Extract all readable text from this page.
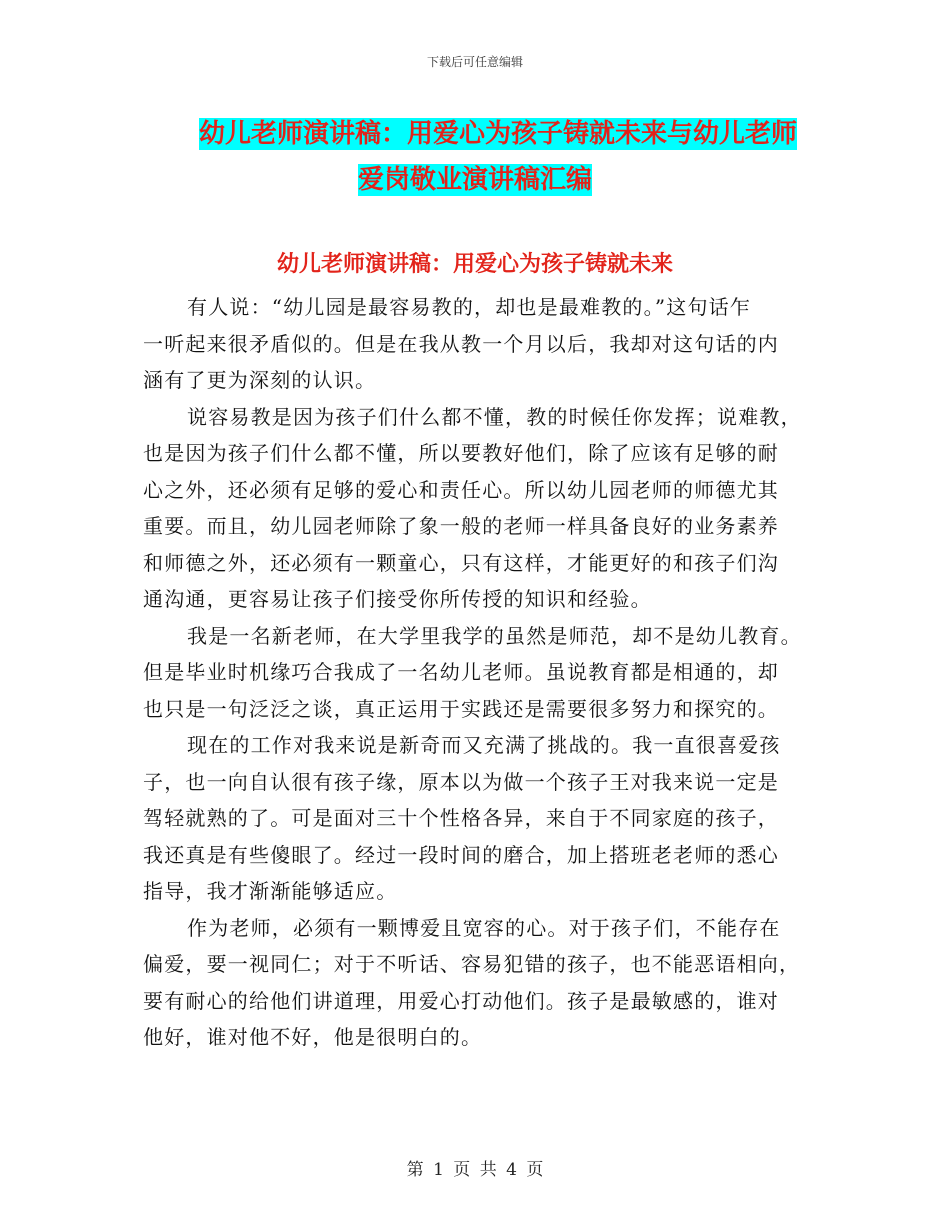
下载后可任意编辑
幼儿老师演讲稿：用爱心为孩子铸就未来与幼儿老师
爱岗敬业演讲稿汇编
幼儿老师演讲稿：用爱心为孩子铸就未来
有人说：“幼儿园是最容易教的，却也是最难教的。”这句话乍
一听起来很矛盾似的。但是在我从教一个月以后，我却对这句话的内
涵有了更为深刻的认识。
说容易教是因为孩子们什么都不懂，教的时候任你发挥；说难教，
也是因为孩子们什么都不懂，所以要教好他们，除了应该有足够的耐
心之外，还必须有足够的爱心和责任心。所以幼儿园老师的师德尤其
重要。而且，幼儿园老师除了象一般的老师一样具备良好的业务素养
和师德之外，还必须有一颗童心，只有这样，才能更好的和孩子们沟
通沟通，更容易让孩子们接受你所传授的知识和经验。
我是一名新老师，在大学里我学的虽然是师范，却不是幼儿教育。
但是毕业时机缘巧合我成了一名幼儿老师。虽说教育都是相通的，却
也只是一句泛泛之谈，真正运用于实践还是需要很多努力和探究的。
现在的工作对我来说是新奇而又充满了挑战的。我一直很喜爱孩
子，也一向自认很有孩子缘，原本以为做一个孩子王对我来说一定是
驾轻就熟的了。可是面对三十个性格各异，来自于不同家庭的孩子，
我还真是有些傻眼了。经过一段时间的磨合，加上搭班老老师的悉心
指导，我才渐渐能够适应。
作为老师，必须有一颗博爱且宽容的心。对于孩子们，不能存在
偏爱，要一视同仁；对于不听话、容易犯错的孩子，也不能恶语相向，
要有耐心的给他们讲道理，用爱心打动他们。孩子是最敏感的，谁对
他好，谁对他不好，他是很明白的。
第 1 页 共 4 页
